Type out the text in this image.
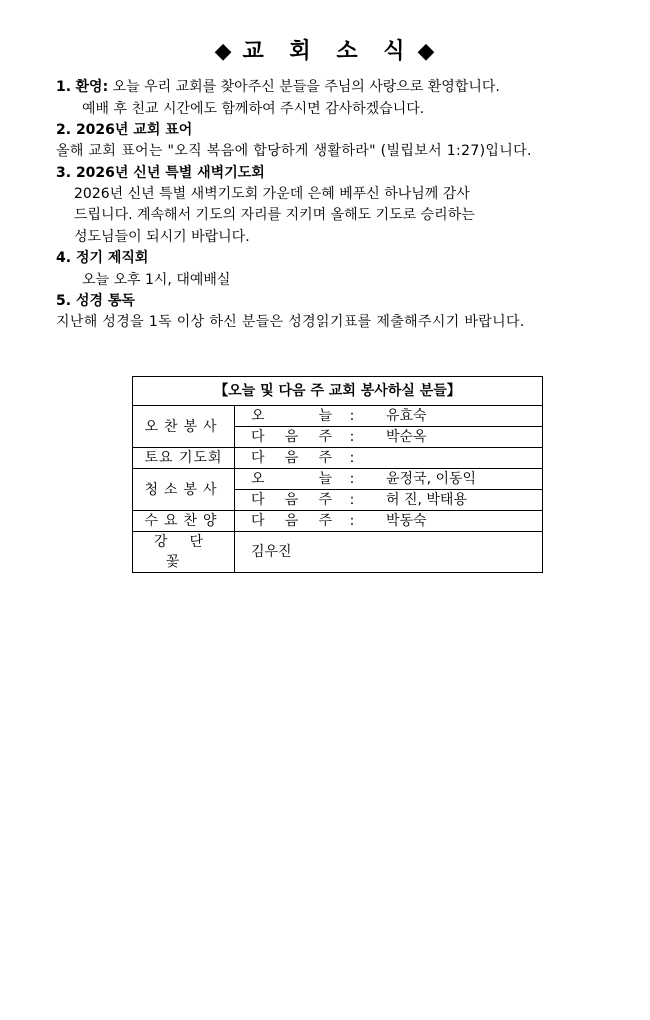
◆ 교 회 소 식 ◆
1. 환영: 오늘 우리 교회를 찾아주신 분들을 주님의 사랑으로 환영합니다.
예배 후 친교 시간에도 함께하여 주시면 감사하겠습니다.
2. 2026년 교회 표어
올해 교회 표어는 "오직 복음에 합당하게 생활하라" (빌립보서 1:27)입니다.
3. 2026년 신년 특별 새벽기도회
2026년 신년 특별 새벽기도회 가운데 은혜 베푸신 하나님께 감사
드립니다. 계속해서 기도의 자리를 지키며 올해도 기도로 승리하는
성도님들이 되시기 바랍니다.
4. 정기 제직회
오늘 오후 1시, 대예배실
5. 성경 통독
지난해 성경을 1독 이상 하신 분들은 성경읽기표를 제출해주시기 바랍니다.
【오늘 및 다음 주 교회 봉사하실 분들】	
오찬봉사	오 늘 : 유효숙

	다 음 주 : 박순옥

토요 기도회	다 음 주 :

청소봉사	오 늘 : 윤정국, 이동익

	다 음 주 : 허 진, 박태용

수요찬양	다 음 주 : 박동숙

강단꽃	김우진
